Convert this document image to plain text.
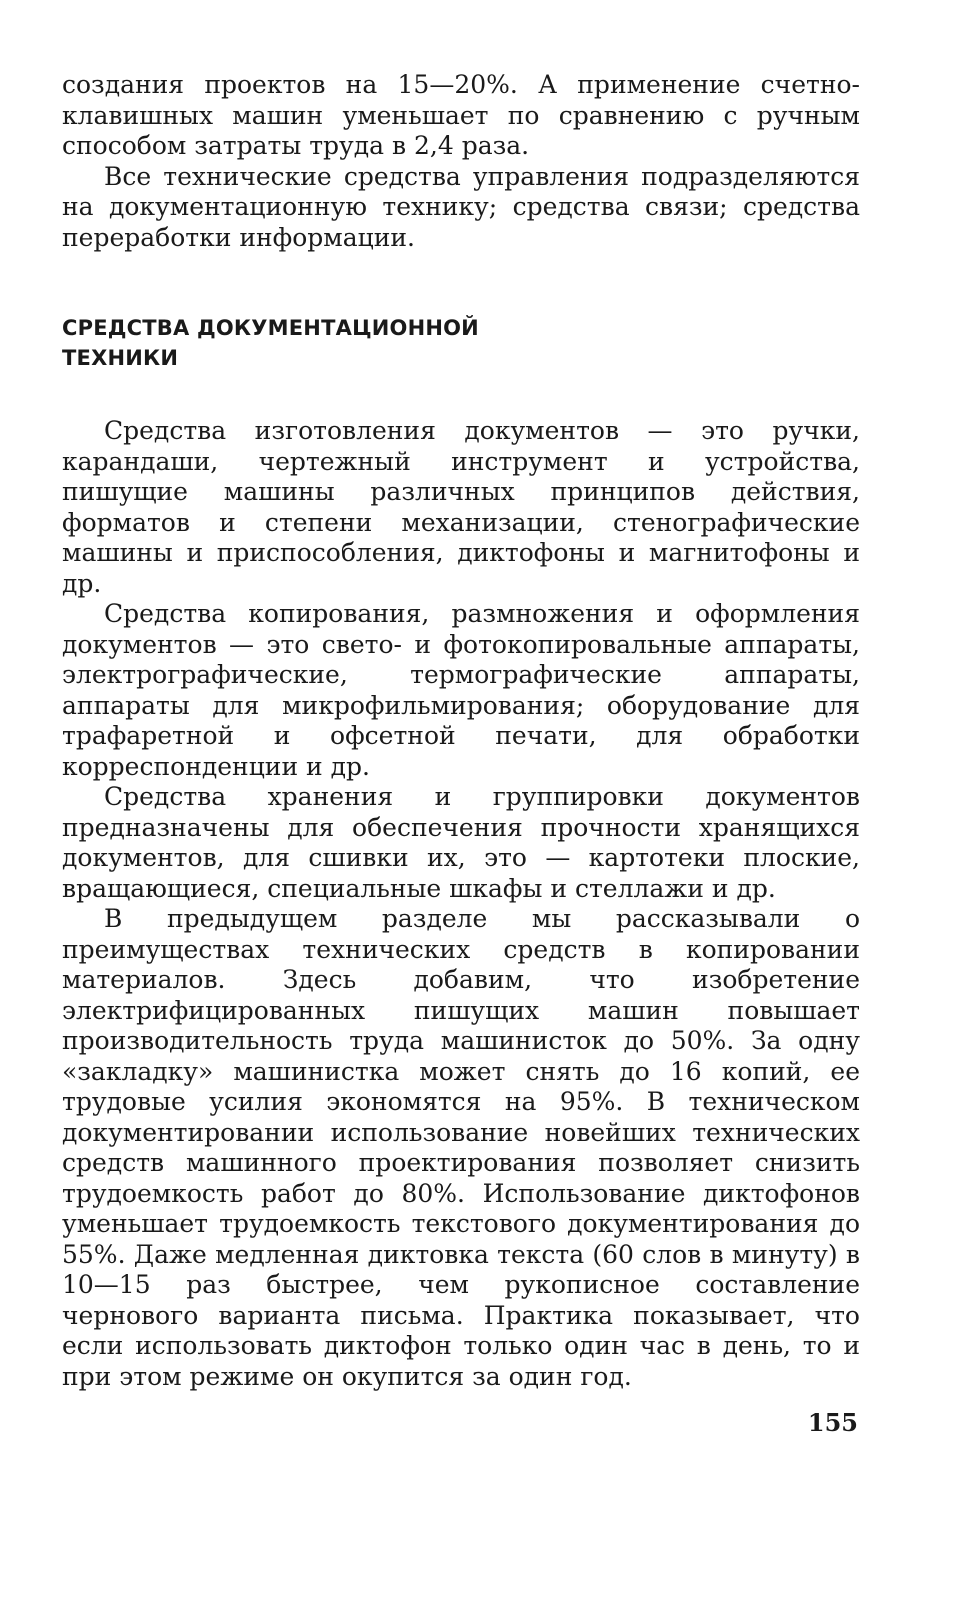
создания проектов на 15—20%. А применение счетно-клавишных машин уменьшает по сравнению с ручным способом затраты труда в 2,4 раза.

Все технические средства управления подразделяются на документационную технику; средства связи; средства переработки информации.

СРЕДСТВА ДОКУМЕНТАЦИОННОЙ
ТЕХНИКИ

Средства изготовления документов — это ручки, карандаши, чертежный инструмент и устройства, пишущие машины различных принципов действия, форматов и степени механизации, стенографические машины и приспособления, диктофоны и магнитофоны и др.

Средства копирования, размножения и оформления документов — это свето- и фотокопировальные аппараты, электрографические, термографические аппараты, аппараты для микрофильмирования; оборудование для трафаретной и офсетной печати, для обработки корреспонденции и др.

Средства хранения и группировки документов предназначены для обеспечения прочности хранящихся документов, для сшивки их, это — картотеки плоские, вращающиеся, специальные шкафы и стеллажи и др.

В предыдущем разделе мы рассказывали о преимуществах технических средств в копировании материалов. Здесь добавим, что изобретение электрифицированных пишущих машин повышает производительность труда машинисток до 50%. За одну «закладку» машинистка может снять до 16 копий, ее трудовые усилия экономятся на 95%. В техническом документировании использование новейших технических средств машинного проектирования позволяет снизить трудоемкость работ до 80%. Использование диктофонов уменьшает трудоемкость текстового документирования до 55%. Даже медленная диктовка текста (60 слов в минуту) в 10—15 раз быстрее, чем рукописное составление чернового варианта письма. Практика показывает, что если использовать диктофон только один час в день, то и при этом режиме он окупится за один год.

155
